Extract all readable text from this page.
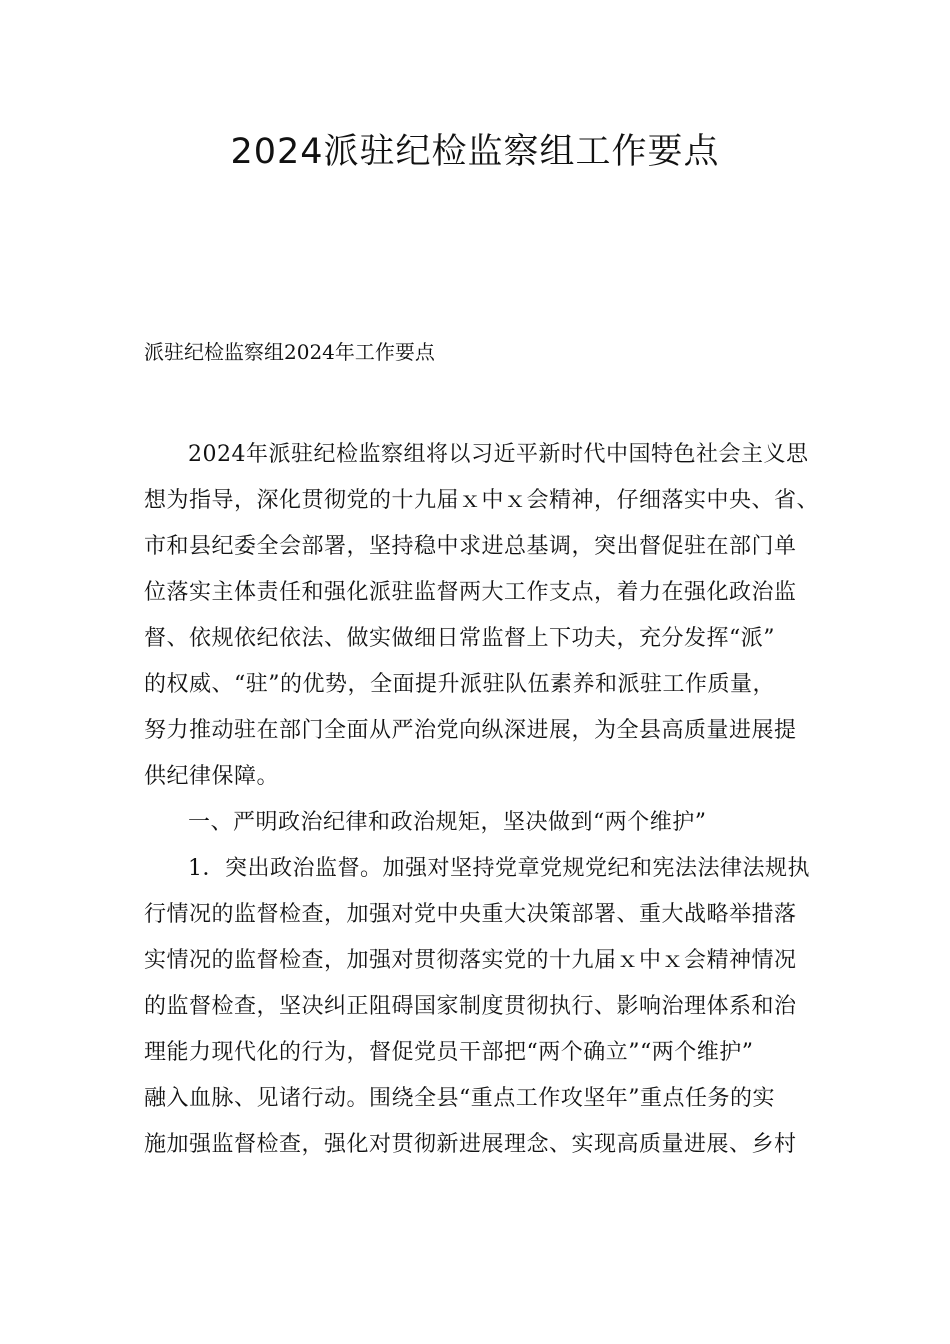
2024派驻纪检监察组工作要点

派驻纪检监察组2024年工作要点

2024年派驻纪检监察组将以习近平新时代中国特色社会主义思
想为指导，深化贯彻党的十九届ｘ中ｘ会精神，仔细落实中央、省、
市和县纪委全会部署，坚持稳中求进总基调，突出督促驻在部门单
位落实主体责任和强化派驻监督两大工作支点，着力在强化政治监
督、依规依纪依法、做实做细日常监督上下功夫，充分发挥“派”
的权威、“驻”的优势，全面提升派驻队伍素养和派驻工作质量，
努力推动驻在部门全面从严治党向纵深进展，为全县高质量进展提
供纪律保障。
一、严明政治纪律和政治规矩，坚决做到“两个维护”
1．突出政治监督。加强对坚持党章党规党纪和宪法法律法规执
行情况的监督检查，加强对党中央重大决策部署、重大战略举措落
实情况的监督检查，加强对贯彻落实党的十九届ｘ中ｘ会精神情况
的监督检查，坚决纠正阻碍国家制度贯彻执行、影响治理体系和治
理能力现代化的行为，督促党员干部把“两个确立”“两个维护”
融入血脉、见诸行动。围绕全县“重点工作攻坚年”重点任务的实
施加强监督检查，强化对贯彻新进展理念、实现高质量进展、乡村
